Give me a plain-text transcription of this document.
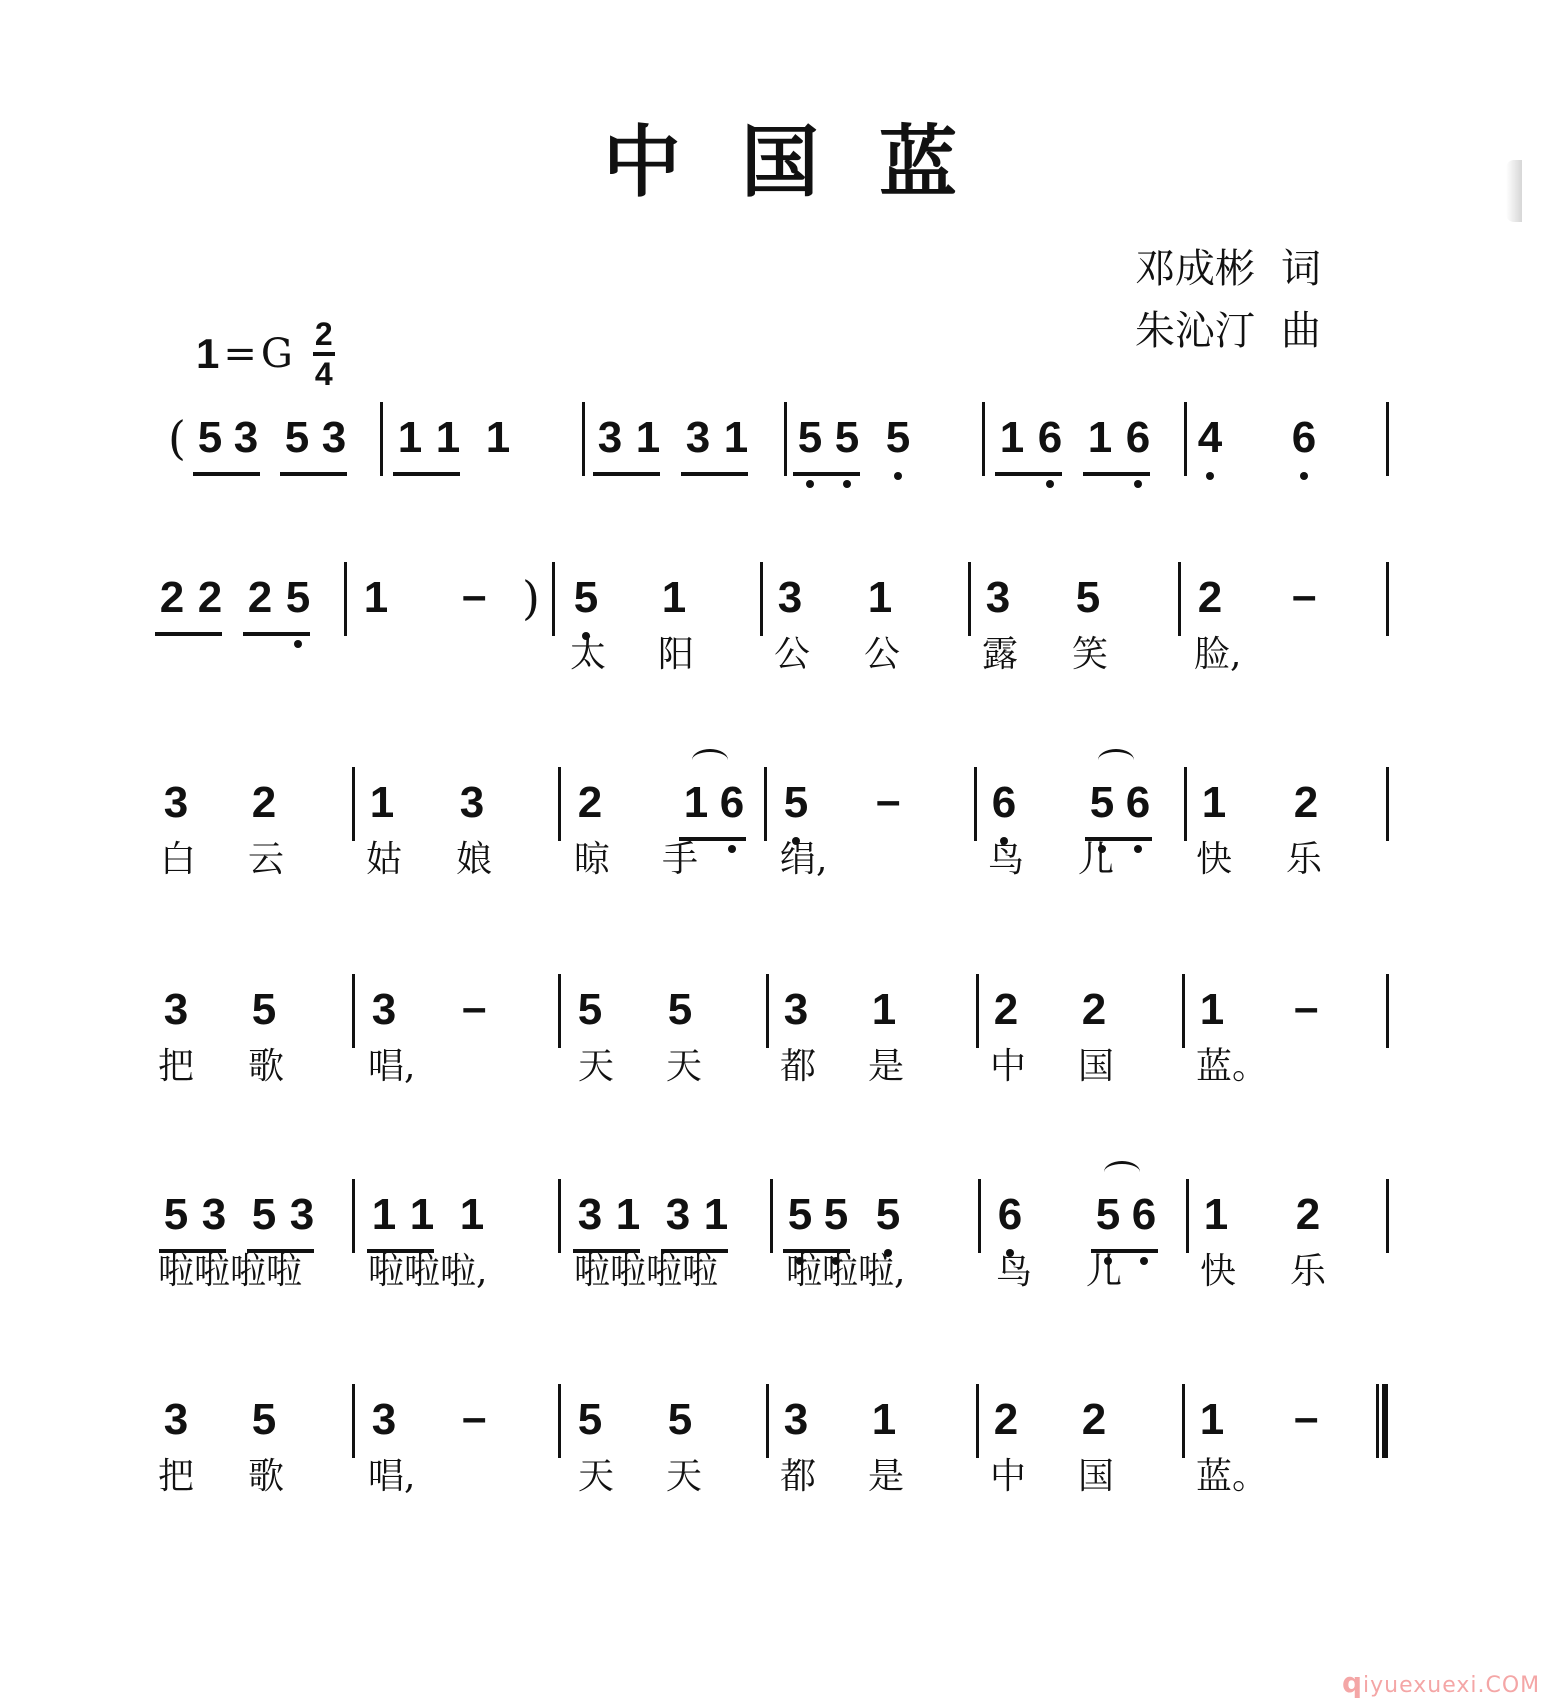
中国蓝
邓成彬 词
朱沁汀 曲
1 = G $\frac{2}{4}$
( 5 3 5 3 1 1 1 3 1 3 1 5 5 5 1 6 1 6 4 6
2 2 2 5 1 – ) 5 1 3 1 3 5 2 –
太 阳 公 公 露 笑 脸,
3 2 1 3 2 1 6 5 – 6 5 6 1 2
白 云 姑 娘 晾 手 绢,	鸟 儿 快 乐
3 5 3 – 5 5 3 1 2 2 1 –
把 歌 唱,	天 天 都 是 中 国 蓝。
5 3 5 3 1 1 1 3 1 3 1 5 5 5 6 5 6 1 2
啦啦啦啦 啦啦啦, 啦啦啦啦 啦啦啦,	鸟 儿 快 乐
3 5 3 – 5 5 3 1 2 2 1 –
把 歌 唱,	天 天 都 是 中 国 蓝。
qiyuexuexi.COM
